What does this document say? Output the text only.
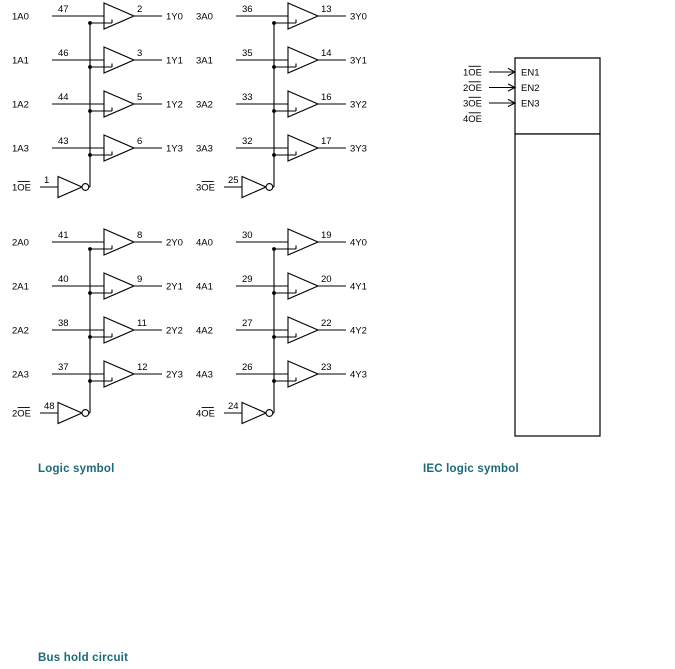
1A0
47	2
1Y0
1A1
46	3
1Y1
1A2
44	5
1Y2
1A3
43	6
1Y3
1OE
1
3A0
36	13
3Y0
3A1
35	14
3Y1
3A2
33	16
3Y2
3A3
32	17
3Y3
3OE
25
2A0
41	8
2Y0
2A1
40	9
2Y1
2A2
38	11
2Y2
2A3
37	12
2Y3
2OE
48
4A0
30	19
4Y0
4A1
29	20
4Y1
4A2
27	22
4Y2
4A3
26	23
4Y3
4OE
24
1OE	EN1
2OE	EN2
3OE	EN3
4OE
Logic symbol	IEC logic symbol
Bus hold circuit
